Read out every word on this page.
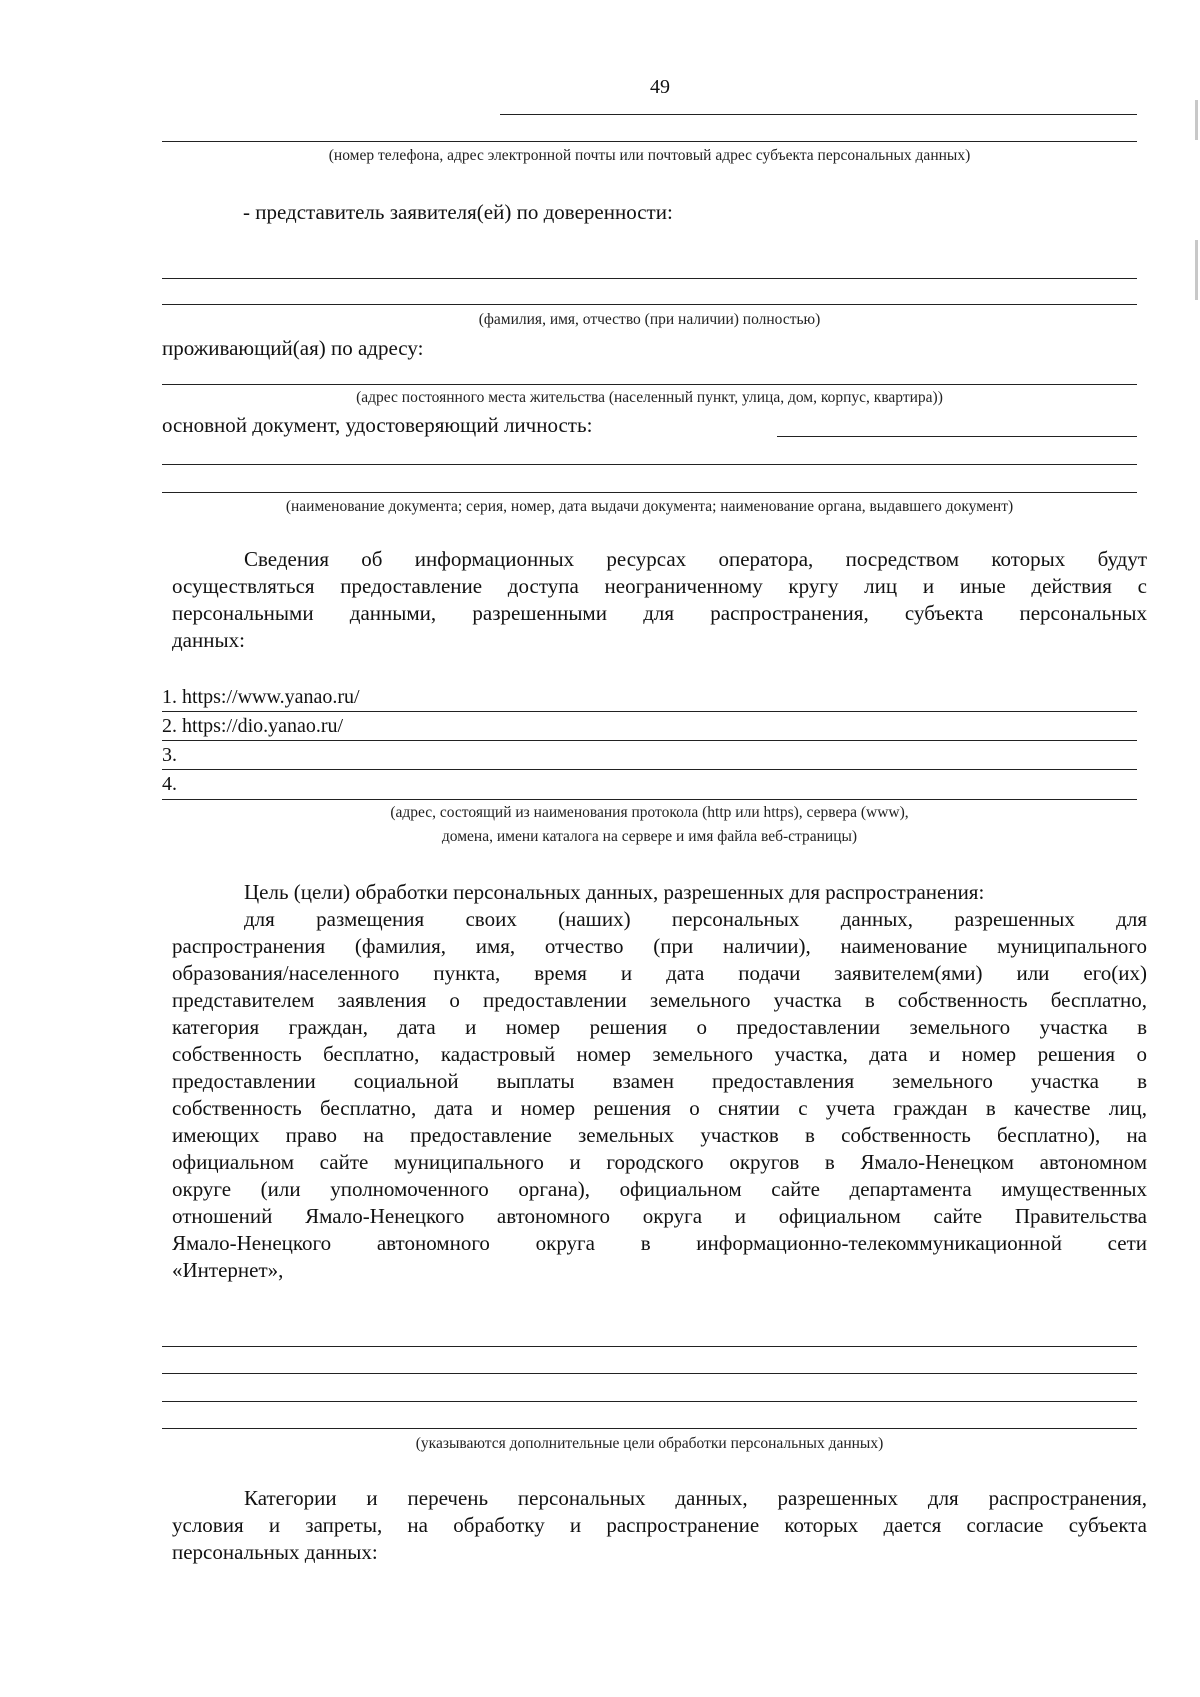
49
(номер телефона, адрес электронной почты или почтовый адрес субъекта персональных данных)
- представитель заявителя(ей) по доверенности:
(фамилия, имя, отчество (при наличии) полностью)
проживающий(ая) по адресу:
(адрес постоянного места жительства (населенный пункт, улица, дом, корпус, квартира))
основной документ, удостоверяющий личность:
(наименование документа; серия, номер, дата выдачи документа; наименование органа, выдавшего документ)
Сведения об информационных ресурсах оператора, посредством которых будут
осуществляться предоставление доступа неограниченному кругу лиц и иные действия с
персональными данными, разрешенными для распространения, субъекта персональных
данных:
1. https://www.yanao.ru/
2. https://dio.yanao.ru/
3.
4.
(адрес, состоящий из наименования протокола (http или https), сервера (www),
домена, имени каталога на сервере и имя файла веб-страницы)
Цель (цели) обработки персональных данных, разрешенных для распространения:
для размещения своих (наших) персональных данных, разрешенных для
распространения (фамилия, имя, отчество (при наличии), наименование муниципального
образования/населенного пункта, время и дата подачи заявителем(ями) или его(их)
представителем заявления о предоставлении земельного участка в собственность бесплатно,
категория граждан, дата и номер решения о предоставлении земельного участка в
собственность бесплатно, кадастровый номер земельного участка, дата и номер решения о
предоставлении социальной выплаты взамен предоставления земельного участка в
собственность бесплатно, дата и номер решения о снятии с учета граждан в качестве лиц,
имеющих право на предоставление земельных участков в собственность бесплатно), на
официальном сайте муниципального и городского округов в Ямало-Ненецком автономном
округе (или уполномоченного органа), официальном сайте департамента имущественных
отношений Ямало-Ненецкого автономного округа и официальном сайте Правительства
Ямало-Ненецкого автономного округа в информационно-телекоммуникационной сети
«Интернет»,
(указываются дополнительные цели обработки персональных данных)
Категории и перечень персональных данных, разрешенных для распространения,
условия и запреты, на обработку и распространение которых дается согласие субъекта
персональных данных:
